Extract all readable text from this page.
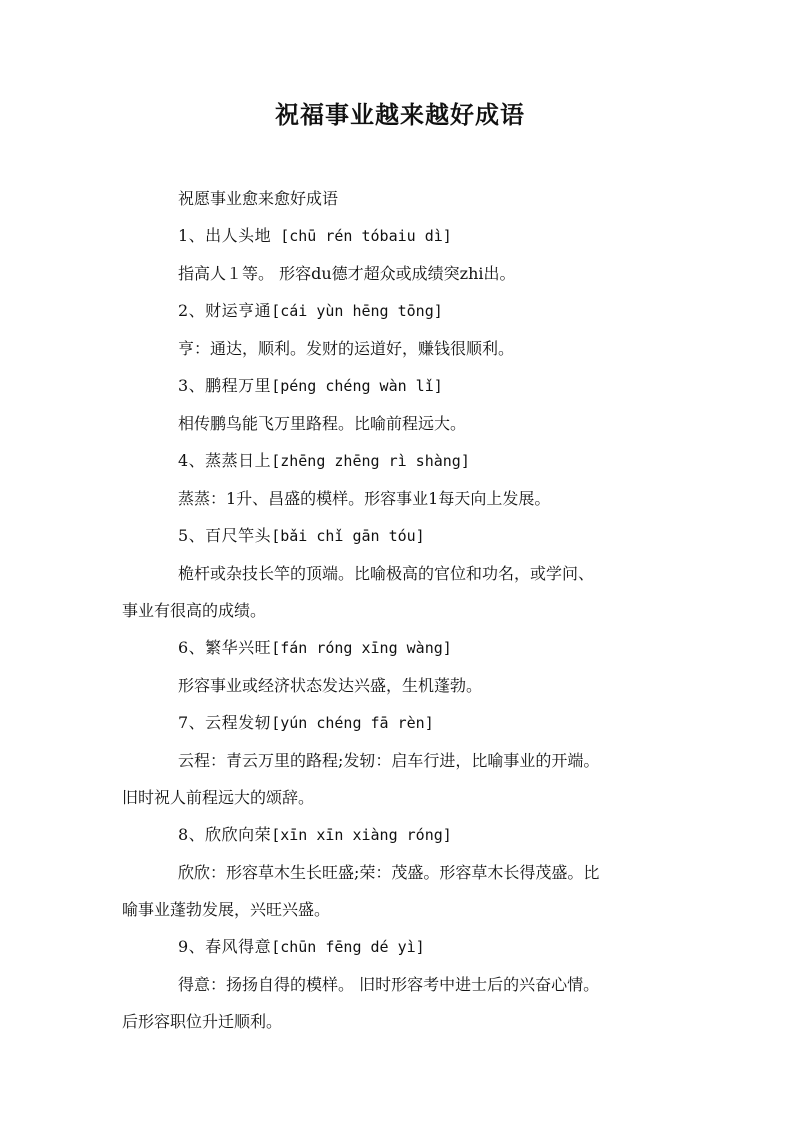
祝福事业越来越好成语
祝愿事业愈来愈好成语
1、出人头地 [chū rén tóbaiu dì]
指高人１等。 形容du德才超众或成绩突zhi出。
2、财运亨通[cái yùn hēng tōng]
亨：通达，顺利。发财的运道好，赚钱很顺利。
3、鹏程万里[péng chéng wàn lǐ]
相传鹏鸟能飞万里路程。比喻前程远大。
4、蒸蒸日上[zhēng zhēng rì shàng]
蒸蒸：1升、昌盛的模样。形容事业1每天向上发展。
5、百尺竿头[bǎi chǐ gān tóu]
桅杆或杂技长竿的顶端。比喻极高的官位和功名，或学问、
事业有很高的成绩。
6、繁华兴旺[fán róng xīng wàng]
形容事业或经济状态发达兴盛，生机蓬勃。
7、云程发轫[yún chéng fā rèn]
云程：青云万里的路程;发轫：启车行进，比喻事业的开端。
旧时祝人前程远大的颂辞。
8、欣欣向荣[xīn xīn xiàng róng]
欣欣：形容草木生长旺盛;荣：茂盛。形容草木长得茂盛。比
喻事业蓬勃发展，兴旺兴盛。
9、春风得意[chūn fēng dé yì]
得意：扬扬自得的模样。 旧时形容考中进士后的兴奋心情。
后形容职位升迁顺利。
